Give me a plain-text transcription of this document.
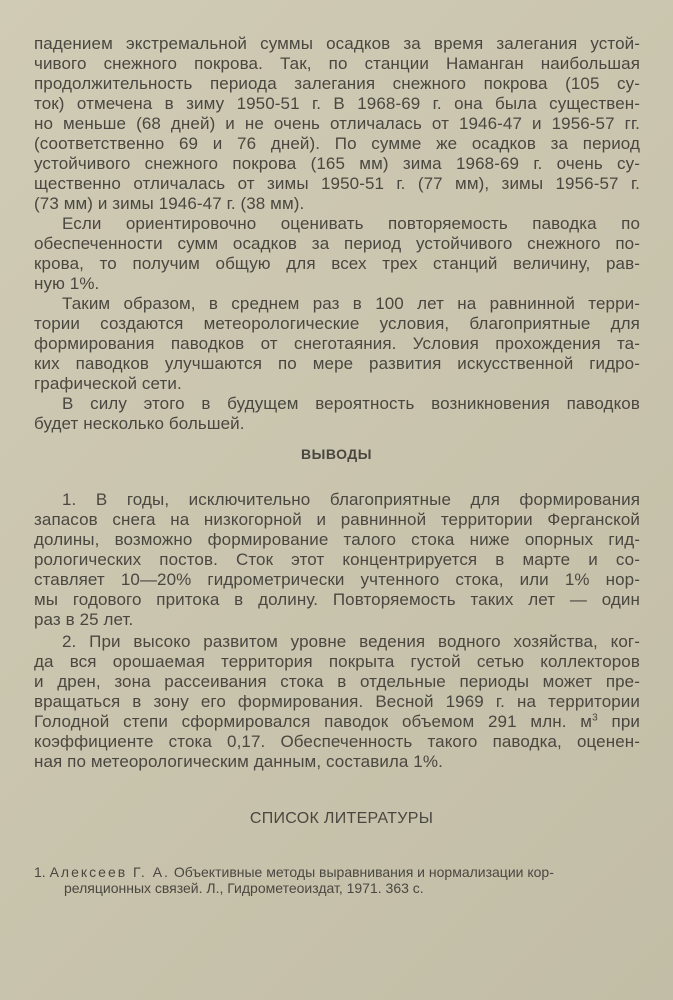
падением экстремальной суммы осадков за время залегания устой-
чивого снежного покрова. Так, по станции Наманган наибольшая
продолжительность периода залегания снежного покрова (105 су-
ток) отмечена в зиму 1950-51 г. В 1968-69 г. она была существен-
но меньше (68 дней) и не очень отличалась от 1946-47 и 1956-57 гг.
(соответственно 69 и 76 дней). По сумме же осадков за период
устойчивого снежного покрова (165 мм) зима 1968-69 г. очень су-
щественно отличалась от зимы 1950-51 г. (77 мм), зимы 1956-57 г.
(73 мм) и зимы 1946-47 г. (38 мм).
Если ориентировочно оценивать повторяемость паводка по
обеспеченности сумм осадков за период устойчивого снежного по-
крова, то получим общую для всех трех станций величину, рав-
ную 1%.
Таким образом, в среднем раз в 100 лет на равнинной терри-
тории создаются метеорологические условия, благоприятные для
формирования паводков от снеготаяния. Условия прохождения та-
ких паводков улучшаются по мере развития искусственной гидро-
графической сети.
В силу этого в будущем вероятность возникновения паводков
будет несколько большей.
ВЫВОДЫ
1. В годы, исключительно благоприятные для формирования
запасов снега на низкогорной и равнинной территории Ферганской
долины, возможно формирование талого стока ниже опорных гид-
рологических постов. Сток этот концентрируется в марте и со-
ставляет 10—20% гидрометрически учтенного стока, или 1% нор-
мы годового притока в долину. Повторяемость таких лет — один
раз в 25 лет.
2. При высоко развитом уровне ведения водного хозяйства, ког-
да вся орошаемая территория покрыта густой сетью коллекторов
и дрен, зона рассеивания стока в отдельные периоды может пре-
вращаться в зону его формирования. Весной 1969 г. на территории
Голодной степи сформировался паводок объемом 291 млн. $м^3$ при
коэффициенте стока 0,17. Обеспеченность такого паводка, оценен-
ная по метеорологическим данным, составила 1%.
СПИСОК ЛИТЕРАТУРЫ
1. Алексеев Г. А. Объективные методы выравнивания и нормализации кор-
реляционных связей. Л., Гидрометеоиздат, 1971. 363 с.
